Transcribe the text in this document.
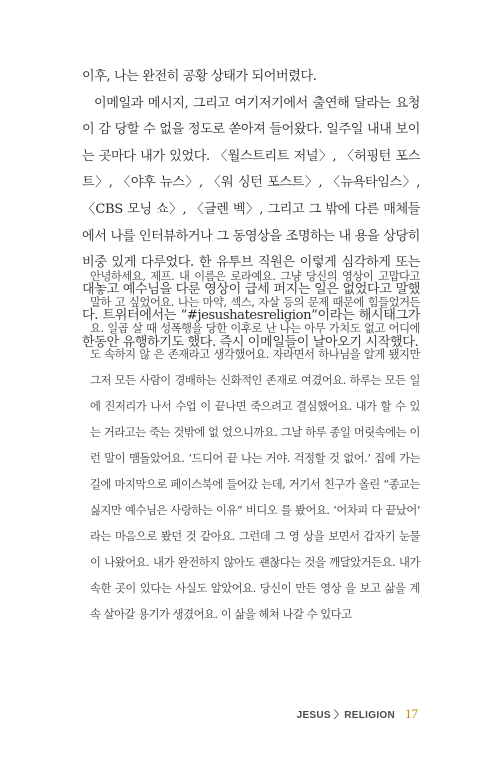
이후, 나는 완전히 공황 상태가 되어버렸다.

이메일과 메시지, 그리고 여기저기에서 출연해 달라는 요청이 감 당할 수 없을 정도로 쏟아져 들어왔다. 일주일 내내 보이는 곳마다 내가 있었다. 〈월스트리트 저널〉, 〈허핑턴 포스트〉, 〈야후 뉴스〉, 〈워 싱턴 포스트〉, 〈뉴욕타임스〉, 〈CBS 모닝 쇼〉, 〈글렌 벡〉, 그리고 그 밖에 다른 매체들에서 나를 인터뷰하거나 그 동영상을 조명하는 내 용을 상당히 비중 있게 다루었다. 한 유투브 직원은 이렇게 심각하게 또는 대놓고 예수님을 다룬 영상이 급세 퍼지는 일은 없었다고 말했 다. 트위터에서는 “#jesushatesreligion”이라는 해시태그가 한동안 유행하기도 했다. 즉시 이메일들이 날아오기 시작했다.

안녕하세요, 제프. 내 이름은 로라예요. 그냥 당신의 영상이 고맙다고 말하 고 싶었어요. 나는 마약, 섹스, 자살 등의 문제 때문에 힘들었거든요. 일곱 살 때 성폭행을 당한 이후로 난 나는 아무 가치도 없고 어디에도 속하지 않 은 존재라고 생각했어요. 자라면서 하나님을 알게 됐지만 그저 모든 사람이 경배하는 신화적인 존재로 여겼어요. 하루는 모든 일에 진저리가 나서 수업 이 끝나면 죽으려고 결심했어요. 내가 할 수 있는 거라고는 죽는 것밖에 없 었으니까요. 그날 하루 종일 머릿속에는 이런 말이 맴돌았어요. ‘드디어 끝 나는 거야. 걱정할 것 없어.’ 집에 가는 길에 마지막으로 페이스북에 들어갔 는데, 거기서 친구가 올린 “종교는 싫지만 예수님은 사랑하는 이유” 비디오 를 봤어요. ‘어차피 다 끝났어’ 라는 마음으로 봤던 것 같아요. 그런데 그 영 상을 보면서 갑자기 눈물이 나왔어요. 내가 완전하지 않아도 괜찮다는 것을 깨달았거든요. 내가 속한 곳이 있다는 사실도 알았어요. 당신이 만든 영상 을 보고 삶을 계속 살아갈 용기가 생겼어요. 이 삶을 헤쳐 나갈 수 있다고

JESUS 〉RELIGION 17
